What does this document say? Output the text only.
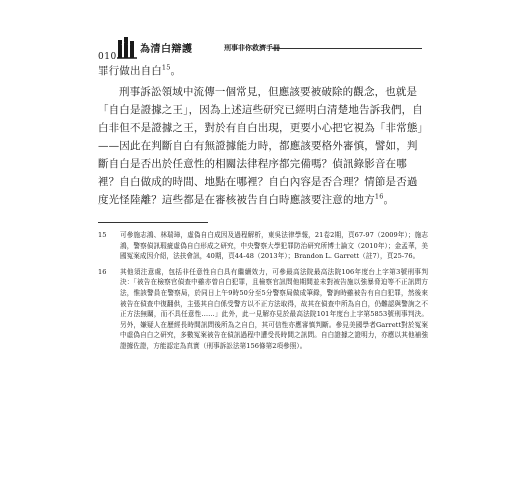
010
為清白辯護	刑事非你救濟手冊

罪行做出自白$^{15}$。

刑事訴訟領域中流傳一個常見，但應該要被破除的觀念，也就是「自白是證據之王」，因為上述這些研究已經明白清楚地告訴我們，自白非但不是證據之王，對於有自白出現，更要小心把它視為「非常態」——因此在判斷自白有無證據能力時，都應該要格外審慎，譬如，判斷自白是否出於任意性的相關法律程序都完備嗎？偵訊錄影音在哪裡？自白做成的時間、地點在哪裡？自白內容是否合理？情節是否過度光怪陸離？這些都是在審核被告自白時應該要注意的地方$^{16}$。

15	可參施志鴻、林瑞璋，虛偽自白成因及過程解析，東吳法律學報，21卷2期，頁67-97（2009年）；施志鴻，警察偵訊瑕疵虛偽自白形成之研究，中央警察大學犯罪防治研究所博士論文（2010年）；金孟華，美國冤案成因介紹，法扶會訊，40期，頁44-48（2013年）；Brandon L. Garrett（註7），頁25-76。
16	其他須注意處，包括非任意性自白具有繼續效力，可參最高法院最高法院106年度台上字第3號刑事判決：「被告在檢察官偵查中雖亦曾自白犯罪，且檢察官訊問他期間並未對被告施以強暴脅迫等不正訊問方法，惟該警員在警察局，於同日上午9時50分至5分警察局做成筆錄，警詢時雖被告有自白犯罪，然後來被告在偵查中復翻供，主張其自白係受警方以不正方法取得，故其在偵查中所為自白，仍難認與警詢之不正方法無關，而不具任意性……」此外，此一見解亦見於最高法院101年度台上字第5853號刑事判決。另外，嫌疑人在歷經長時間訊問後所為之自白，其可信性亦應審慎判斷。參見美國學者Garrett對於冤案中虛偽自白之研究，多數冤案被告在偵訊過程中遭受長時間之訊問。自白證據之證明力，亦應以其他補強證據佐證，方能認定為真實（刑事訴訟法第156條第2項參照）。
